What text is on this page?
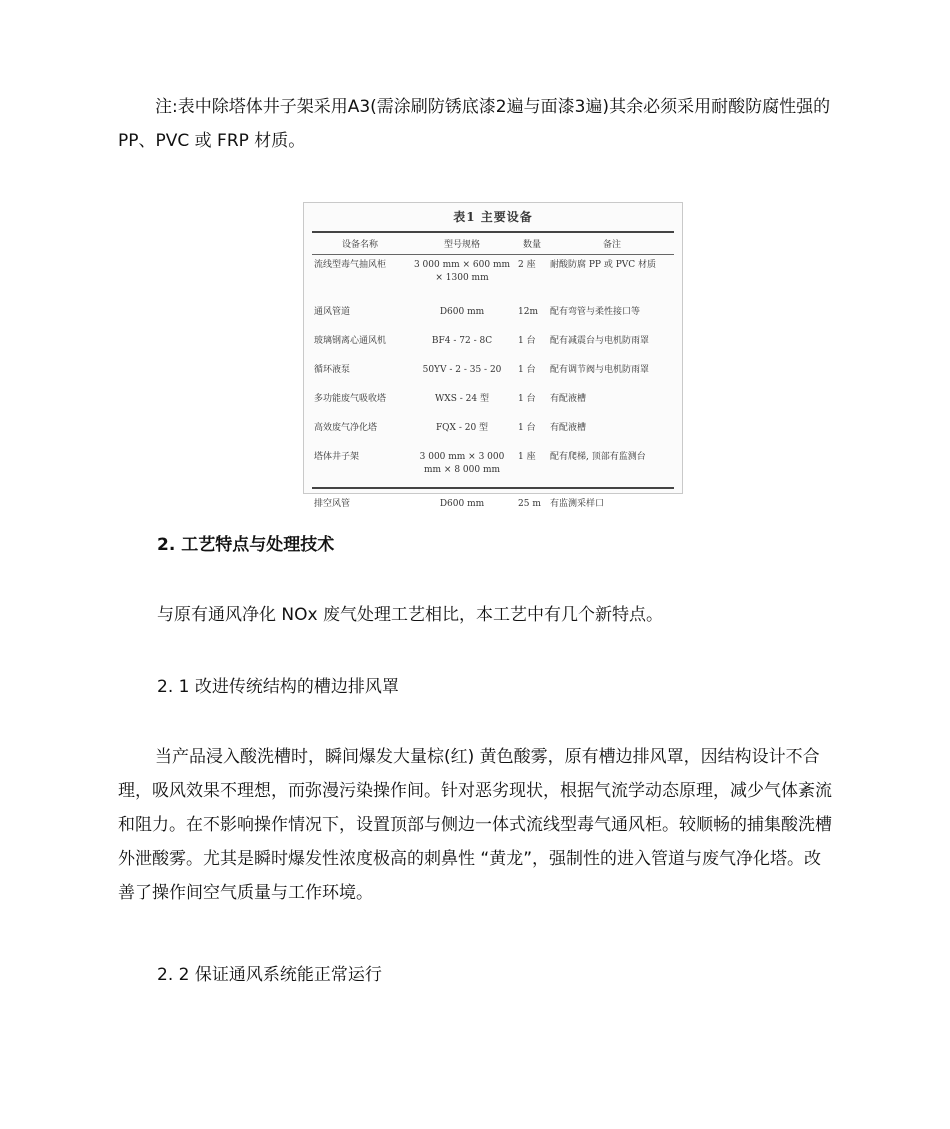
注:表中除塔体井子架采用A3(需涂刷防锈底漆2遍与面漆3遍)其余必须采用耐酸防腐性强的 PP、PVC 或 FRP 材质。

表1 主要设备
设备名称	型号规格	数量	备注
流线型毒气抽风柜	3 000 mm × 600 mm × 1300 mm	2 座	耐酸防腐 PP 或 PVC 材质
通风管道	D600 mm	12m	配有弯管与柔性接口等
玻璃钢离心通风机	BF4 - 72 - 8C	1 台	配有减震台与电机防雨罩
循环液泵	50YV - 2 - 35 - 20	1 台	配有调节阀与电机防雨罩
多功能废气吸收塔	WXS - 24 型	1 台	有配液槽
高效废气净化塔	FQX - 20 型	1 台	有配液槽
塔体井子架	3 000 mm × 3 000 mm × 8 000 mm	1 座	配有爬梯, 顶部有监测台
排空风管	D600 mm	25 m	有监测采样口

2. 工艺特点与处理技术

与原有通风净化 NOx 废气处理工艺相比，本工艺中有几个新特点。

2. 1 改进传统结构的槽边排风罩

当产品浸入酸洗槽时，瞬间爆发大量棕(红) 黄色酸雾，原有槽边排风罩，因结构设计不合理，吸风效果不理想，而弥漫污染操作间。针对恶劣现状，根据气流学动态原理，减少气体紊流和阻力。在不影响操作情况下，设置顶部与侧边一体式流线型毒气通风柜。较顺畅的捕集酸洗槽外泄酸雾。尤其是瞬时爆发性浓度极高的刺鼻性 “黄龙”，强制性的进入管道与废气净化塔。改善了操作间空气质量与工作环境。

2. 2 保证通风系统能正常运行
